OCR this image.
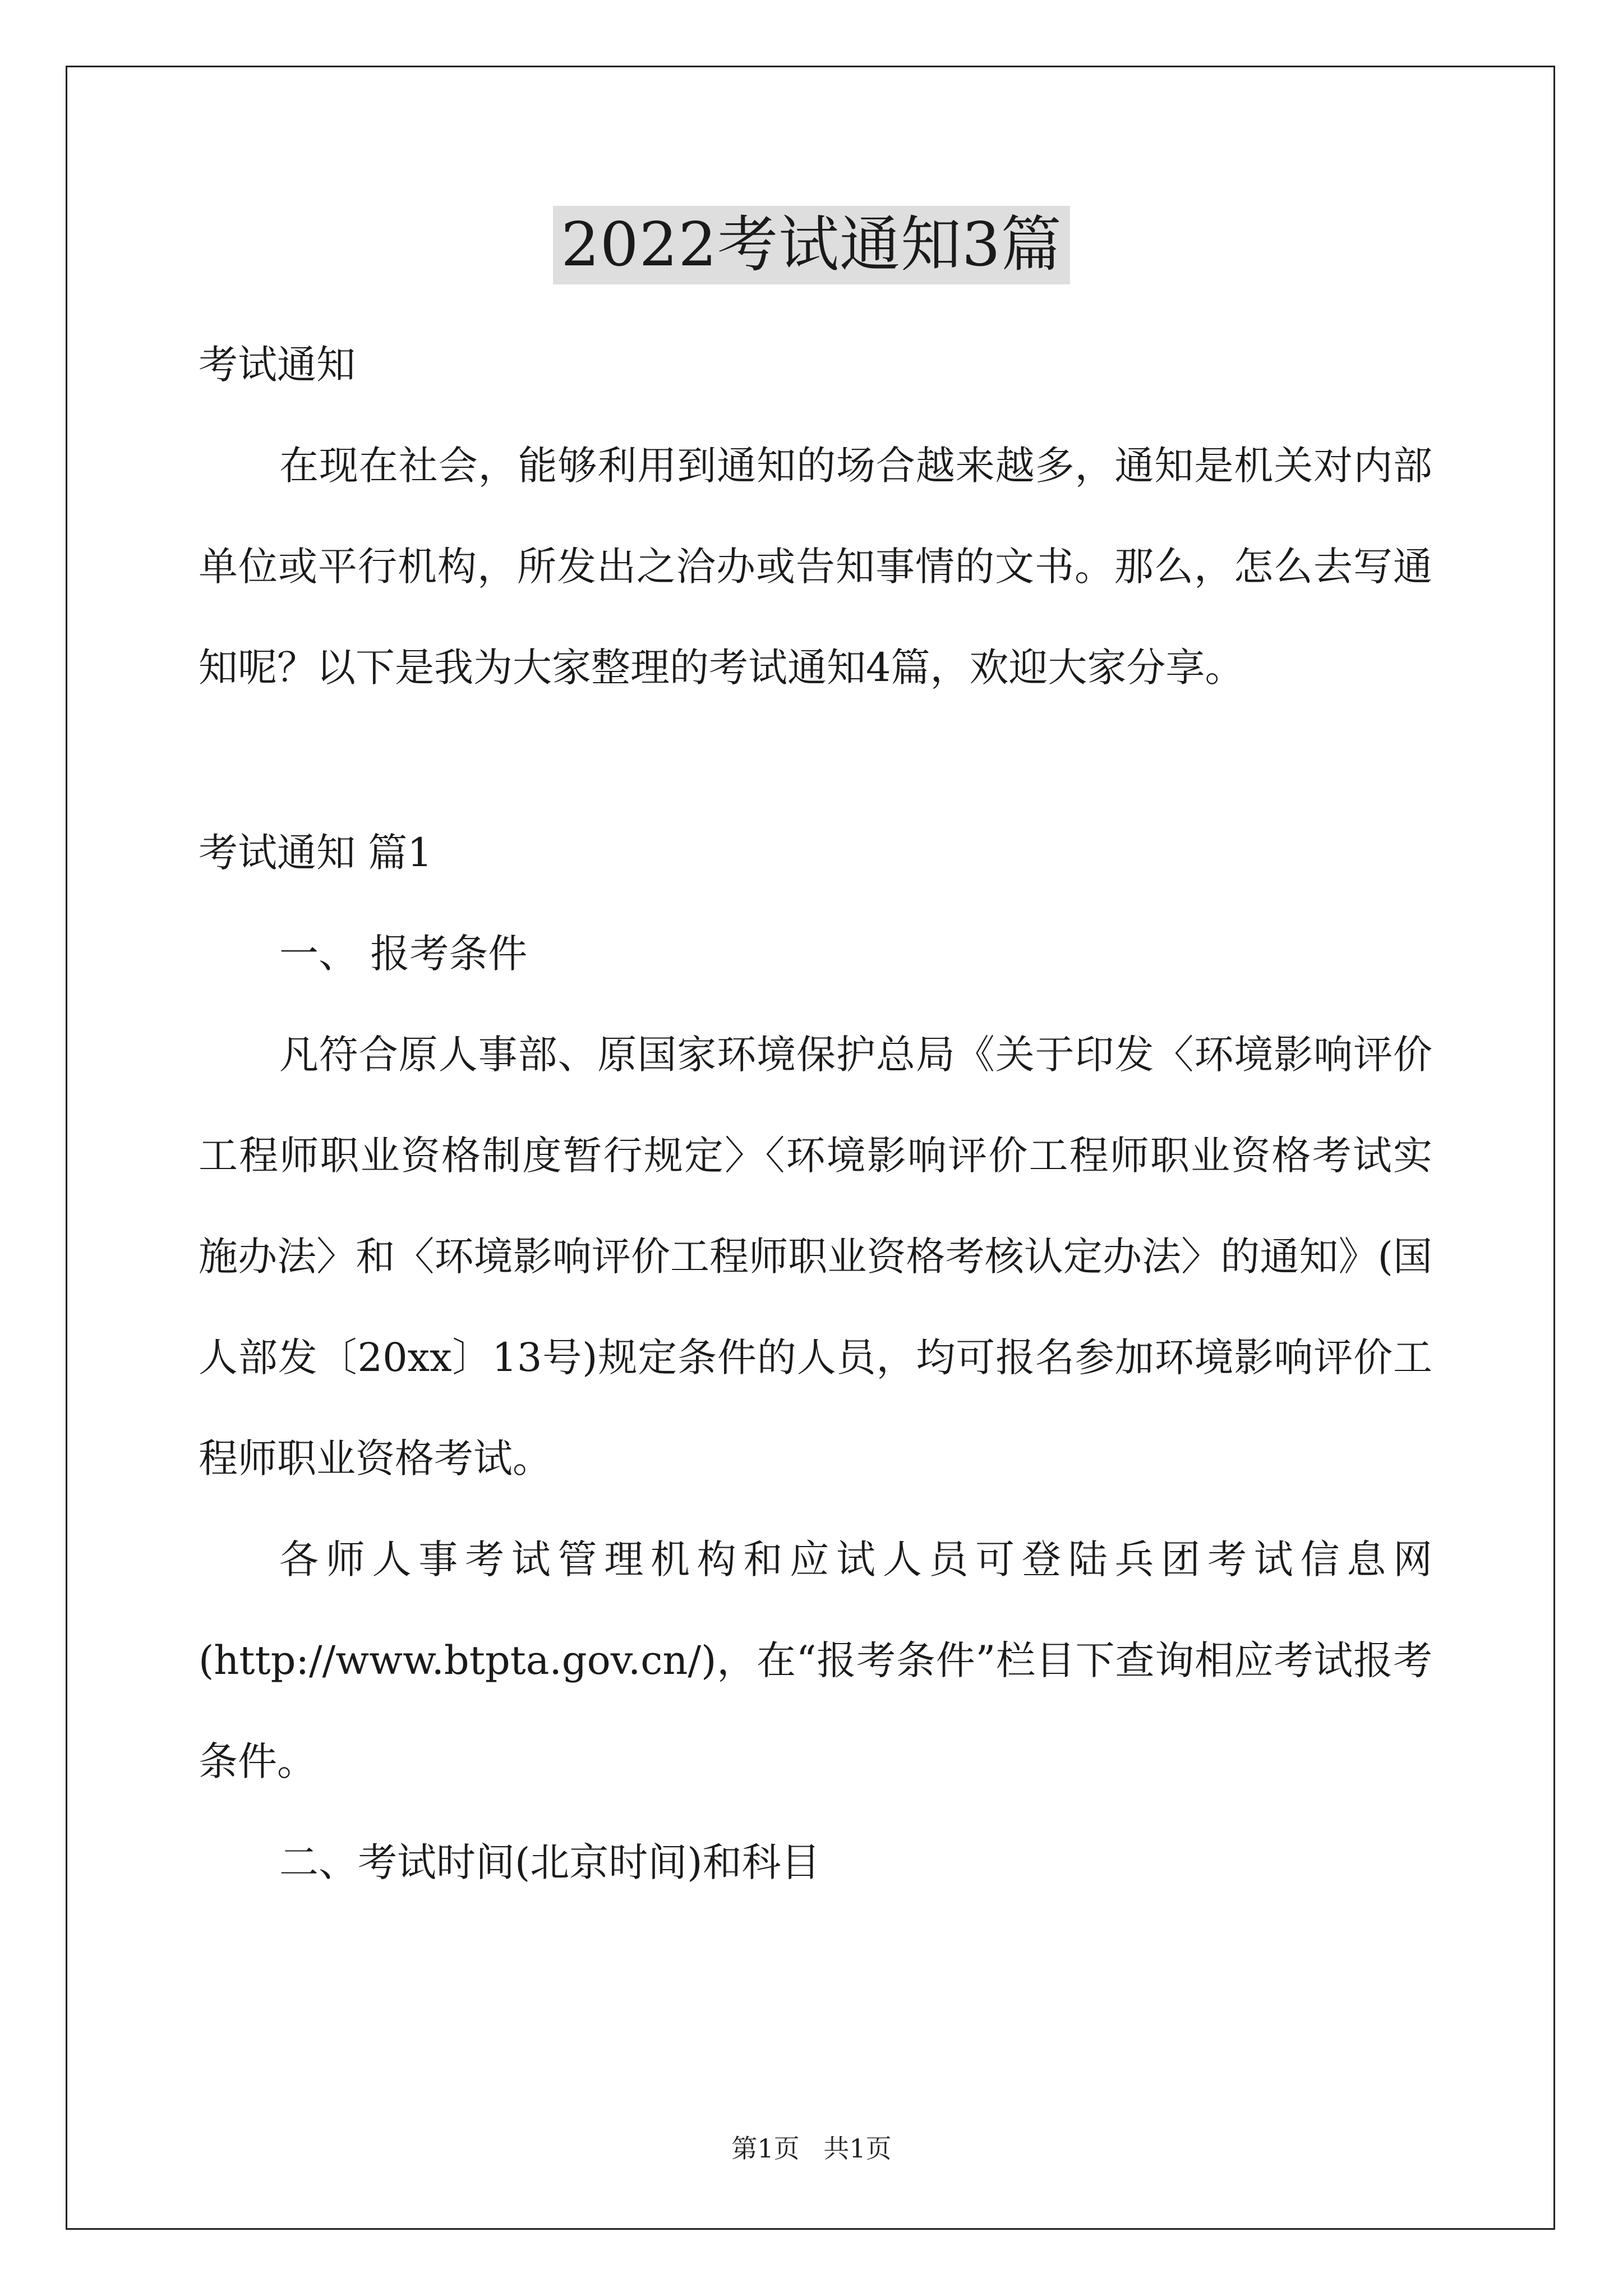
2022考试通知3篇

考试通知

在现在社会，能够利用到通知的场合越来越多，通知是机关对内部单位或平行机构，所发出之洽办或告知事情的文书。那么，怎么去写通知呢？以下是我为大家整理的考试通知4篇，欢迎大家分享。

考试通知 篇1

一、 报考条件

凡符合原人事部、原国家环境保护总局《关于印发〈环境影响评价工程师职业资格制度暂行规定〉〈环境影响评价工程师职业资格考试实施办法〉和〈环境影响评价工程师职业资格考核认定办法〉的通知》(国人部发〔20xx〕13号)规定条件的人员，均可报名参加环境影响评价工程师职业资格考试。

各师人事考试管理机构和应试人员可登陆兵团考试信息网(http://www.btpta.gov.cn/)，在“报考条件”栏目下查询相应考试报考条件。

二、考试时间(北京时间)和科目

第1页 共1页
